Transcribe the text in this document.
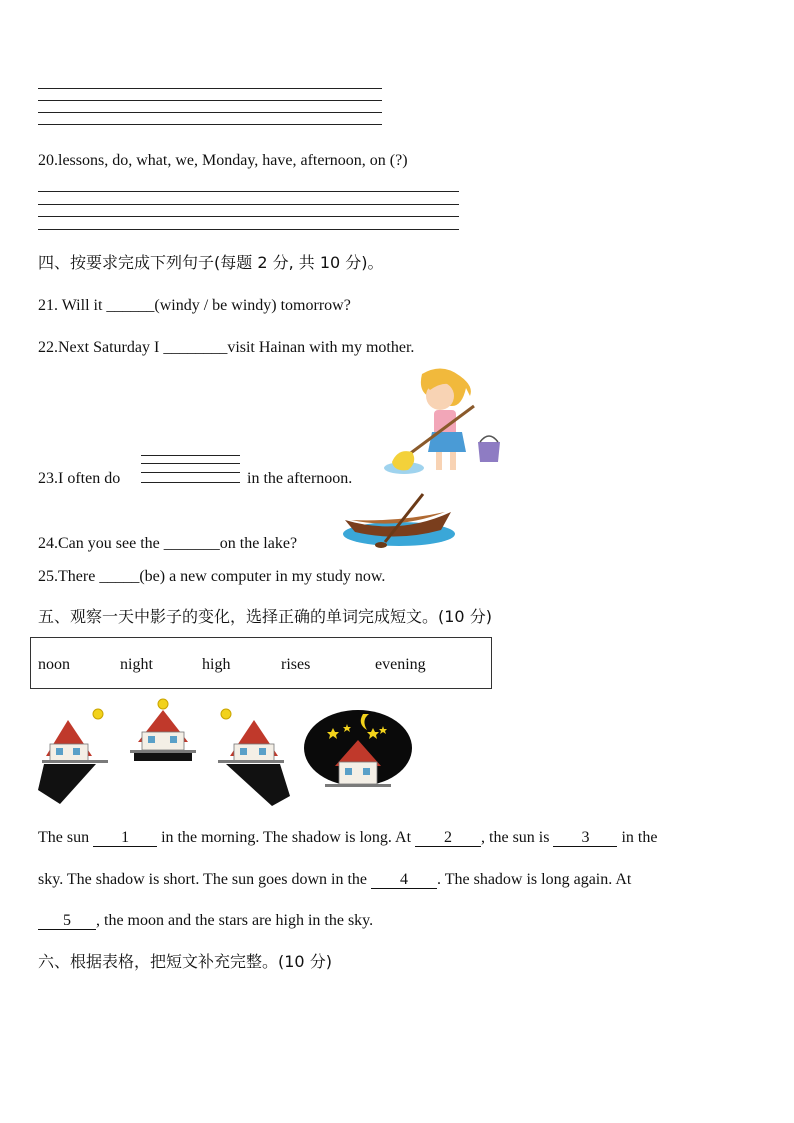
20.lessons, do, what, we, Monday, have, afternoon, on (?)
四、按要求完成下列句子(每题 2 分, 共 10 分)。
21. Will it ______(windy / be windy) tomorrow?
22.Next Saturday I ________visit Hainan with my mother.
23.I often do	in the afternoon.
24.Can you see the _______on the lake?
25.There _____(be) a new computer in my study now.
五、观察一天中影子的变化，选择正确的单词完成短文。(10 分)
noon	night	high	rises	evening
The sun 1 in the morning. The shadow is long. At 2 , the sun is 3 in the
sky. The shadow is short. The sun goes down in the 4 . The shadow is long again. At
5 , the moon and the stars are high in the sky.
六、根据表格，把短文补充完整。(10 分)
